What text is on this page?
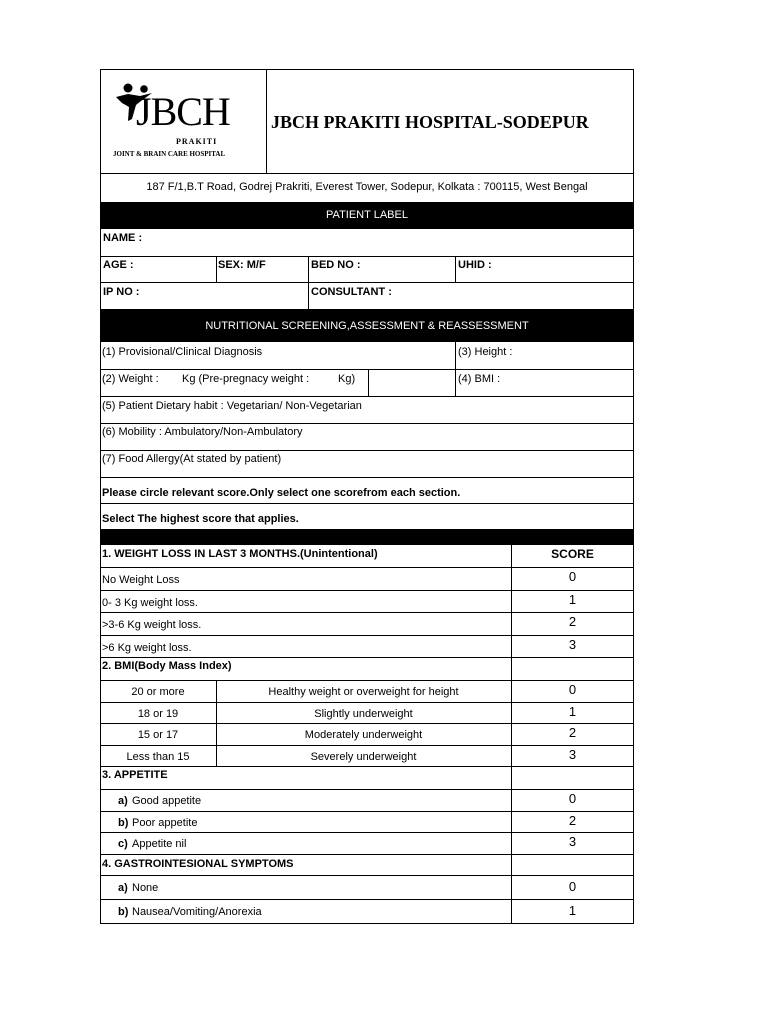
JBCH
PRAKITI
JOINT & BRAIN CARE HOSPITAL
JBCH PRAKITI HOSPITAL-SODEPUR
187 F/1,B.T Road, Godrej Prakriti, Everest Tower, Sodepur, Kolkata : 700115, West Bengal
PATIENT LABEL
NAME :
AGE :	SEX: M/F	BED NO :	UHID :
IP NO :	CONSULTANT :
NUTRITIONAL SCREENING,ASSESSMENT & REASSESSMENT
(1) Provisional/Clinical Diagnosis	(3) Height :
(2) Weight : Kg (Pre-pregnacy weight :	Kg)	(4) BMI :
(5) Patient Dietary habit : Vegetarian/ Non-Vegetarian
(6) Mobility : Ambulatory/Non-Ambulatory
(7) Food Allergy(At stated by patient)
Please circle relevant score.Only select one scorefrom each section.
Select The highest score that applies.
1. WEIGHT LOSS IN LAST 3 MONTHS.(Unintentional)	SCORE
No Weight Loss	0
0- 3 Kg weight loss.	1
>3-6 Kg weight loss.	2
>6 Kg weight loss.	3
2. BMI(Body Mass Index)
20 or more	Healthy weight or overweight for height	0
18 or 19	Slightly underweight	1
15 or 17	Moderately underweight	2
Less than 15	Severely underweight	3
3. APPETITE
a) Good appetite	0
b) Poor appetite	2
c) Appetite nil	3
4. GASTROINTESIONAL SYMPTOMS
a) None	0
b) Nausea/Vomiting/Anorexia	1
